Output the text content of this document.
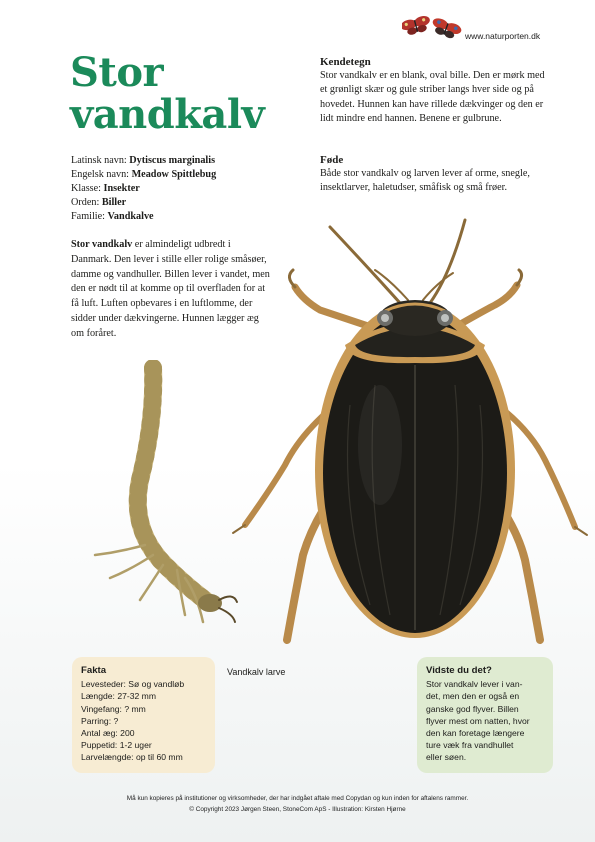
www.naturporten.dk
Stor
vandkalv
Latinsk navn: Dytiscus marginalis
Engelsk navn: Meadow Spittlebug
Klasse: Insekter
Orden: Biller
Familie: Vandkalve
Stor vandkalv er almindeligt udbredt i Danmark. Den lever i stille eller rolige småsøer, damme og vandhuller. Billen lever i vandet, men den er nødt til at komme op til overfladen for at få luft. Luften opbevares i en luftlomme, der sidder under dækvingerne. Hunnen lægger æg om foråret.
Kendetegn
Stor vandkalv er en blank, oval bille. Den er mørk med et grønligt skær og gule striber langs hver side og på hovedet. Hunnen kan have rillede dækvinger og den er lidt mindre end hannen. Benene er gulbrune.
Føde
Både stor vandkalv og larven lever af orme, snegle, insektlarver, haletudser, småfisk og små frøer.
Vandkalv larve
Fakta
Levesteder: Sø og vandløb
Længde: 27-32 mm
Vingefang: ? mm
Parring: ?
Antal æg: 200
Puppetid: 1-2 uger
Larvelængde: op til 60 mm
Vidste du det?
Stor vandkalv lever i van-
det, men den er også en
ganske god flyver. Billen
flyver mest om natten, hvor
den kan foretage længere
ture væk fra vandhullet
eller søen.
Må kun kopieres på institutioner og virksomheder, der har indgået aftale med Copydan og kun inden for aftalens rammer.
© Copyright 2023 Jørgen Steen, StoneCom ApS - Illustration: Kirsten Hjørne
